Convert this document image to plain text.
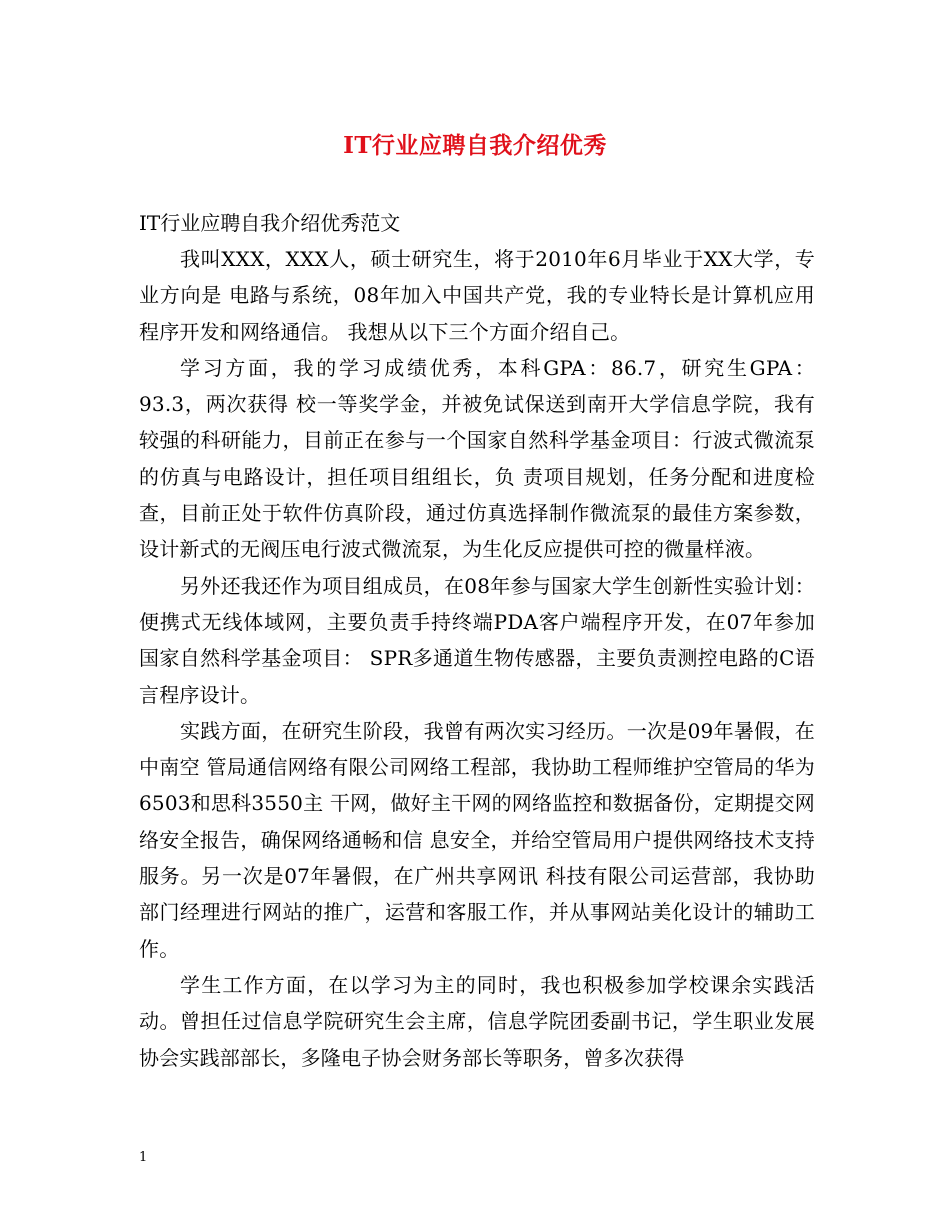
IT行业应聘自我介绍优秀
IT行业应聘自我介绍优秀范文

我叫XXX，XXX人，硕士研究生，将于2010年6月毕业于XX大学，专业方向是 电路与系统，08年加入中国共产党，我的专业特长是计算机应用程序开发和网络通信。 我想从以下三个方面介绍自己。

学习方面，我的学习成绩优秀，本科GPA：86.7，研究生GPA：93.3，两次获得 校一等奖学金，并被免试保送到南开大学信息学院，我有较强的科研能力，目前正在参与一个国家自然科学基金项目：行波式微流泵的仿真与电路设计，担任项目组组长，负 责项目规划，任务分配和进度检查，目前正处于软件仿真阶段，通过仿真选择制作微流泵的最佳方案参数，设计新式的无阀压电行波式微流泵，为生化反应提供可控的微量样液。

另外还我还作为项目组成员，在08年参与国家大学生创新性实验计划：便携式无线体域网，主要负责手持终端PDA客户端程序开发，在07年参加国家自然科学基金项目： SPR多通道生物传感器，主要负责测控电路的C语言程序设计。

实践方面，在研究生阶段，我曾有两次实习经历。一次是09年暑假，在中南空 管局通信网络有限公司网络工程部，我协助工程师维护空管局的华为6503和思科3550主 干网，做好主干网的网络监控和数据备份，定期提交网络安全报告，确保网络通畅和信 息安全，并给空管局用户提供网络技术支持服务。另一次是07年暑假，在广州共享网讯 科技有限公司运营部，我协助部门经理进行网站的推广，运营和客服工作，并从事网站美化设计的辅助工作。

学生工作方面，在以学习为主的同时，我也积极参加学校课余实践活动。曾担任过信息学院研究生会主席，信息学院团委副书记，学生职业发展协会实践部部长，多隆电子协会财务部长等职务，曾多次获得

1
